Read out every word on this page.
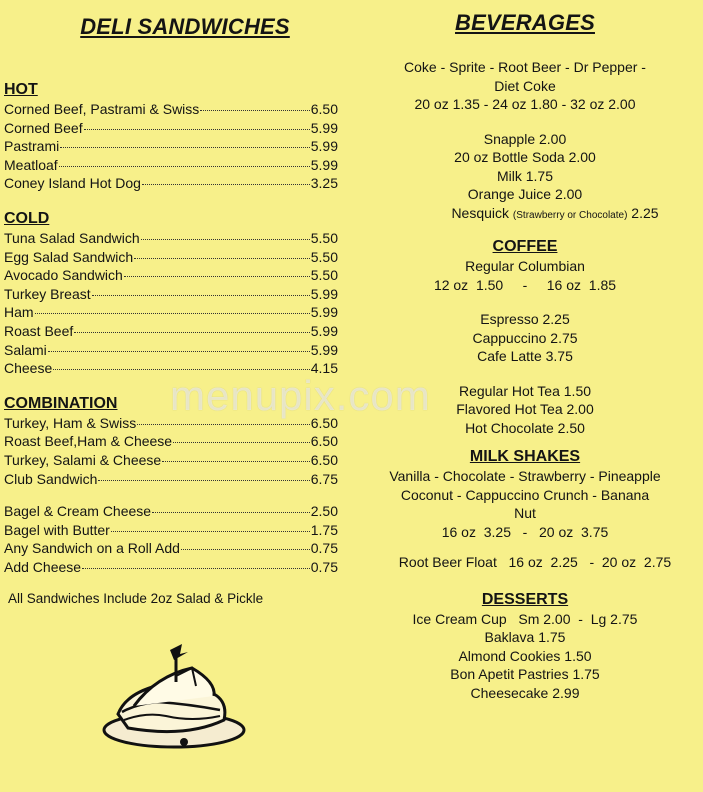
DELI SANDWICHES
HOT
Corned Beef, Pastrami & Swiss	6.50
Corned Beef	5.99
Pastrami	5.99
Meatloaf	5.99
Coney Island Hot Dog	3.25
COLD
Tuna Salad Sandwich	5.50
Egg Salad Sandwich	5.50
Avocado Sandwich	5.50
Turkey Breast	5.99
Ham	5.99
Roast Beef	5.99
Salami	5.99
Cheese	4.15
COMBINATION
Turkey, Ham & Swiss	6.50
Roast Beef,Ham & Cheese	6.50
Turkey, Salami & Cheese	6.50
Club Sandwich	6.75
Bagel & Cream Cheese	2.50
Bagel with Butter	1.75
Any Sandwich on a Roll Add	0.75
Add Cheese	0.75

All Sandwiches Include 2oz Salad & Pickle

menupix.com
BEVERAGES

Coke - Sprite - Root Beer - Dr Pepper -

Diet Coke

20 oz 1.35 - 24 oz 1.80 - 32 oz 2.00

Snapple 2.00

20 oz Bottle Soda 2.00

Milk 1.75

Orange Juice 2.00

Nesquick (Strawberry or Chocolate) 2.25

COFFEE

Regular Columbian

12 oz  1.50     -     16 oz  1.85

Espresso 2.25

Cappuccino 2.75

Cafe Latte 3.75

Regular Hot Tea 1.50

Flavored Hot Tea 2.00

Hot Chocolate 2.50

MILK SHAKES

Vanilla - Chocolate - Strawberry - Pineapple

Coconut - Cappuccino Crunch - Banana

Nut

16 oz  3.25   -   20 oz  3.75

Root Beer Float   16 oz  2.25   -  20 oz  2.75

DESSERTS

Ice Cream Cup   Sm 2.00  -  Lg 2.75

Baklava 1.75

Almond Cookies 1.50

Bon Apetit Pastries 1.75

Cheesecake 2.99
